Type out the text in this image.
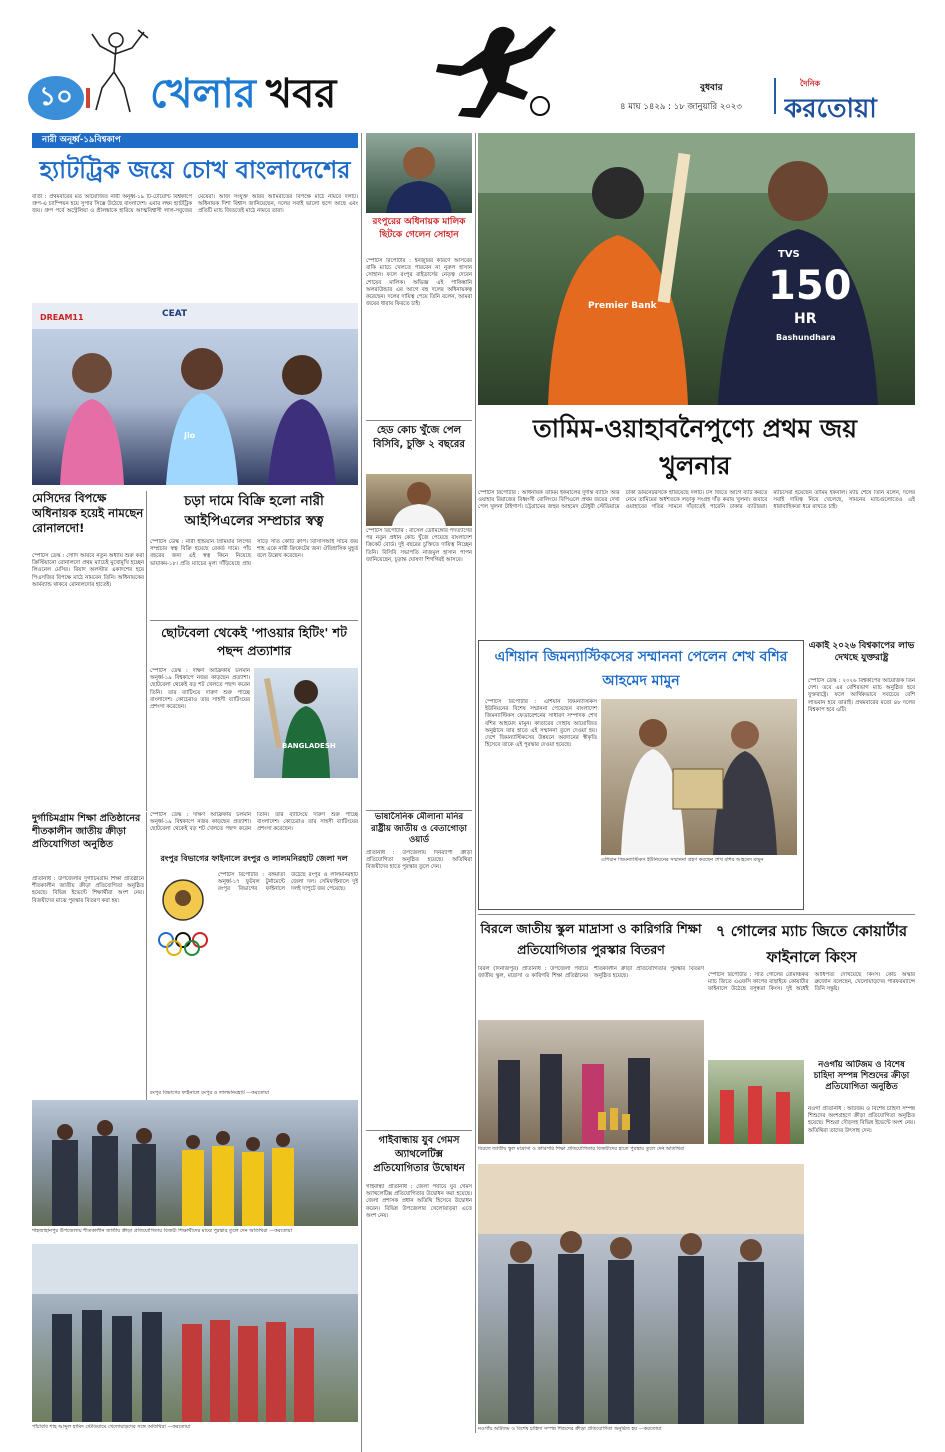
১০ খেলার খবর	বুধবার
৪ মাঘ ১৪২৯ : ১৮ জানুয়ারি ২০২৩
দৈনিক
করতোয়া
নারী অনূর্ধ্ব-১৯বিশ্বকাপ
হ্যাটট্রিক জয়ে চোখ বাংলাদেশের
বার্তা : প্রথমবারের মত আয়োজিত নারী অনূর্ধ্ব-১৯ টি-টোয়েন্টি বিশ্বকাপে গ্রুপ-এ চ্যাম্পিয়ন হয়ে সুপার সিক্সে উঠেছে বাংলাদেশ। এবার লক্ষ্য হ্যাটট্রিক জয়। গ্রুপ পর্বে অস্ট্রেলিয়া ও শ্রীলঙ্কাকে হারিয়ে আত্মবিশ্বাসী লাল-সবুজের মেয়েরা। আজ সংযুক্ত আরব আমিরাতের বিপক্ষে মাঠে নামবে দলটি। অধিনায়ক দিশা বিশ্বাস জানিয়েছেন, দলের সবাই ভালো ছন্দে আছে এবং প্রতিটি ম্যাচ জিততেই মাঠে নামবে তারা।
DREAM11	CEAT
Jio
মেসিদের বিপক্ষে অধিনায়ক হয়েই নামছেন রোনালদো!
স্পোর্টস ডেস্ক : সৌদি আরবে নতুন অধ্যায় শুরু করা ক্রিস্টিয়ানো রোনালদো প্রথম ম্যাচেই মুখোমুখি হচ্ছেন লিওনেল মেসির। রিয়াদ অলস্টার একাদশের হয়ে পিএসজির বিপক্ষে মাঠে নামবেন তিনি। অধিনায়কের আর্মব্যান্ড থাকবে রোনালদোর হাতেই।
চড়া দামে বিক্রি হলো নারী আইপিএলের সম্প্রচার স্বত্ব
স্পোর্টস ডেস্ক : নারী ইন্ডিয়ান প্রিমিয়ার লিগের সম্প্রচার স্বত্ব বিক্রি হয়েছে রেকর্ড দামে। পাঁচ বছরের জন্য এই স্বত্ব কিনে নিয়েছে ভায়াকম-১৮। প্রতি ম্যাচের মূল্য দাঁড়িয়েছে প্রায় সাড়ে সাত কোটি রুপি। বিসিসিআই সচিব জয় শাহ একে নারী ক্রিকেটের জন্য ঐতিহাসিক মুহূর্ত বলে উল্লেখ করেছেন।
ছোটবেলা থেকেই 'পাওয়ার হিটিং' শট পছন্দ প্রত্যাশার
স্পোর্টস ডেস্ক : দক্ষিণ আফ্রিকায় চলমান অনূর্ধ্ব-১৯ বিশ্বকাপে নজর কাড়ছেন প্রত্যাশা। ছোটবেলা থেকেই বড় শট খেলতে পছন্দ করেন তিনি। তার ব্যাটিংয়ে দারুণ শুরু পাচ্ছে বাংলাদেশ। কোচেরাও তার সাহসী ব্যাটিংয়ের প্রশংসা করেছেন।
BANGLADESH
দুর্গাচিমগ্রাম শিক্ষা প্রতিষ্ঠানের শীতকালীন জাতীয় ক্রীড়া প্রতিযোগিতা অনুষ্ঠিত
প্রতিনিধি : উপজেলার দুর্গাচিমগ্রাম শিক্ষা প্রতিষ্ঠানে শীতকালীন জাতীয় ক্রীড়া প্রতিযোগিতা অনুষ্ঠিত হয়েছে। বিভিন্ন ইভেন্টে শিক্ষার্থীরা অংশ নেয়। বিজয়ীদের মাঝে পুরস্কার বিতরণ করা হয়।
স্পোর্টস ডেস্ক : দক্ষিণ আফ্রিকায় চলমান অনূর্ধ্ব-১৯ বিশ্বকাপে নজর কাড়ছেন প্রত্যাশা। ছোটবেলা থেকেই বড় শট খেলতে পছন্দ করেন তিনি। তার ব্যাটিংয়ে দারুণ শুরু পাচ্ছে বাংলাদেশ। কোচেরাও তার সাহসী ব্যাটিংয়ের প্রশংসা করেছেন।
রংপুর বিভাগের ফাইনালে রংপুর ও লালমনিরহাট জেলা দল
স্পোর্টস রিপোর্টার : বঙ্গমাতা অনূর্ধ্ব-১৭ ফুটবল টুর্নামেন্টে রংপুর বিভাগের ফাইনালে উঠেছে রংপুর ও লালমনিরহাট জেলা দল। সেমিফাইনালে দুই দলই দাপুটে জয় পেয়েছে।
রংপুর বিভাগের ফাইনালে রংপুর ও লালমনিরহাট —করতোয়া
শাহজাহানপুর উপজেলায় শীতকালীন জাতীয় ক্রীড়া প্রতিযোগিতায় বিজয়ী শিক্ষার্থীদের মাঝে পুরস্কার তুলে দেন অতিথিরা —করতোয়া
পাঁচবিবি শাহ আব্দুল হামিদ স্টেডিয়ামে খেলোয়াড়দের সঙ্গে অতিথিরা —করতোয়া
রংপুরের অধিনায়ক মালিক ছিটকে গেলেন সোহান
স্পোর্টস রিপোর্টার : ইনজুরির কারণে আসরের বাকি ম্যাচে খেলতে পারবেন না নুরুল হাসান সোহান। ফলে রংপুর রাইডার্সের নেতৃত্ব দেবেন শোয়েব মালিক। অভিজ্ঞ এই পাকিস্তানি অলরাউন্ডার এর আগে বহু দলের অধিনায়কত্ব করেছেন। দলের দায়িত্ব পেয়ে তিনি বলেন, আমরা জয়ের ধারায় ফিরতে চাই।
হেড কোচ খুঁজে পেল বিসিবি, চুক্তি ২ বছরের
স্পোর্টস রিপোর্টার : রাসেল ডোমিঙ্গোর পদত্যাগের পর নতুন প্রধান কোচ খুঁজে পেয়েছে বাংলাদেশ ক্রিকেট বোর্ড। দুই বছরের চুক্তিতে দায়িত্ব নিচ্ছেন তিনি। বিসিবি সভাপতি নাজমুল হাসান পাপন জানিয়েছেন, চূড়ান্ত ঘোষণা শিগগিরই আসবে।
ভাষাসৈনিক মৌলানা মনির রাষ্ট্রীয় জাতীয় ও বেতাগোড়া ওয়ার্ড
প্রতিনিধি : উপজেলায় দিনব্যাপী ক্রীড়া প্রতিযোগিতা অনুষ্ঠিত হয়েছে। অতিথিরা বিজয়ীদের হাতে পুরস্কার তুলে দেন।
গাইবান্ধায় যুব গেমস অ্যাথলেটিক্স প্রতিযোগিতার উদ্বোধন
গাইবান্ধা প্রতিনিধি : জেলা পর্যায়ে যুব গেমস অ্যাথলেটিক্স প্রতিযোগিতার উদ্বোধন করা হয়েছে। জেলা প্রশাসক প্রধান অতিথি হিসেবে উদ্বোধন করেন। বিভিন্ন উপজেলার খেলোয়াড়রা এতে অংশ নেয়।
Premier Bank
TVS
150
HR
Bashundhara
তামিম-ওয়াহাবনৈপুণ্যে প্রথম জয় খুলনার
স্পোর্টস রিপোর্টার : অধিনায়ক তামিম ইকবালের দুর্দান্ত ব্যাটিং আর ওয়াহাব রিয়াজের বিধ্বংসী বোলিংয়ে বিপিএলে প্রথম জয়ের দেখা পেল খুলনা টাইগার্স। চট্টগ্রামের জহুর আহমেদ চৌধুরী স্টেডিয়ামে ঢাকা ডমিনেটরসকে হারিয়েছে দলটি। টস জিতে আগে ব্যাট করতে নেমে তামিমের অর্ধশতকে লড়াকু সংগ্রহ দাঁড় করায় খুলনা। জবাবে ওয়াহাবের গতির সামনে দাঁড়াতেই পারেনি ঢাকার ব্যাটাররা। ম্যাচসেরা হয়েছেন তামিম ইকবাল। ম্যাচ শেষে তিনি বলেন, দলের সবাই দায়িত্ব নিয়ে খেলেছে, সামনের ম্যাচগুলোতেও এই ধারাবাহিকতা ধরে রাখতে চাই।
এশিয়ান জিমন্যাস্টিকসের সম্মাননা পেলেন শেখ বশির আহমেদ মামুন
স্পোর্টস রিপোর্টার : এশিয়ান জিমন্যাস্টিকস ইউনিয়নের বিশেষ সম্মাননা পেয়েছেন বাংলাদেশ জিমন্যাস্টিকস ফেডারেশনের সাধারণ সম্পাদক শেখ বশির আহমেদ মামুন। কাতারের দোহায় আয়োজিত অনুষ্ঠানে তার হাতে এই সম্মাননা তুলে দেওয়া হয়। দেশে জিমন্যাস্টিকসের উন্নয়নে অবদানের স্বীকৃতি হিসেবে তাকে এই পুরস্কার দেওয়া হয়েছে।
এশিয়ান জিমন্যাস্টিকস ইউনিয়নের সম্মাননা গ্রহণ করছেন শেখ বশির আহমেদ মামুন
একাই ২০২৬ বিশ্বকাপের লাভ দেখছে যুক্তরাষ্ট্র
স্পোর্টস ডেস্ক : ২০২৬ বিশ্বকাপের আয়োজক তিন দেশ। তবে এর বেশিরভাগ ম্যাচ অনুষ্ঠিত হবে যুক্তরাষ্ট্রে। ফলে আর্থিকভাবে সবচেয়ে বেশি লাভবান হবে তারাই। প্রথমবারের মতো ৪৮ দলের বিশ্বকাপ হবে এটি।
বিরলে জাতীয় স্কুল মাদ্রাসা ও কারিগরি শিক্ষা প্রতিযোগিতার পুরস্কার বিতরণ
বিরল (দিনাজপুর) প্রতিনিধি : উপজেলা পর্যায়ে জাতীয় স্কুল, মাদ্রাসা ও কারিগরি শিক্ষা প্রতিষ্ঠানের শীতকালীন ক্রীড়া প্রতিযোগিতার পুরস্কার বিতরণ অনুষ্ঠিত হয়েছে।
৭ গোলের ম্যাচ জিতে কোয়ার্টার ফাইনালে কিংস
স্পোর্টস রিপোর্টার : সাত গোলের রোমাঞ্চকর ম্যাচ জিতে এএফসি কাপের বাছাইয়ে কোয়ার্টার ফাইনালে উঠেছে বসুন্ধরা কিংস। দুই অর্ধেই আধিপত্য দেখিয়েছে কিংস। কোচ অস্কার ব্রুজোন বলেছেন, খেলোয়াড়দের পারফরম্যান্সে তিনি সন্তুষ্ট।
নওগাঁয় অটিজম ও বিশেষ চাহিদা সম্পন্ন শিশুদের ক্রীড়া প্রতিযোগিতা অনুষ্ঠিত
নওগাঁ প্রতিনিধি : অটিজম ও বিশেষ চাহিদা সম্পন্ন শিশুদের অংশগ্রহণে ক্রীড়া প্রতিযোগিতা অনুষ্ঠিত হয়েছে। শিশুরা দৌড়সহ বিভিন্ন ইভেন্টে অংশ নেয়। অতিথিরা তাদের উৎসাহ দেন।
বিরলে জাতীয় স্কুল মাদ্রাসা ও কারিগরি শিক্ষা প্রতিযোগিতার বিজয়ীদের হাতে পুরস্কার তুলে দেন অতিথিরা
নওগাঁয় অটিজম ও বিশেষ চাহিদা সম্পন্ন শিশুদের ক্রীড়া প্রতিযোগিতা অনুষ্ঠিত হয় —করতোয়া
